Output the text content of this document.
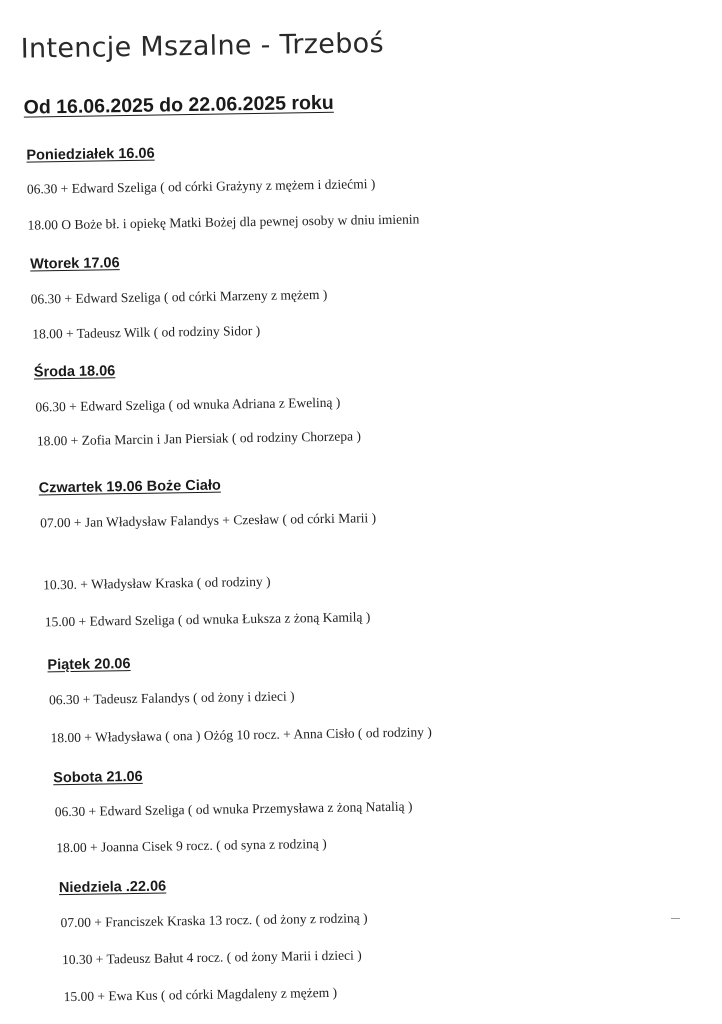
Intencje Mszalne - Trzeboś
Od 16.06.2025 do 22.06.2025 roku
Poniedziałek 16.06
06.30 + Edward Szeliga ( od córki Grażyny z mężem i dziećmi )
18.00 O Boże bł. i opiekę Matki Bożej dla pewnej osoby w dniu imienin
Wtorek 17.06
06.30 + Edward Szeliga ( od córki Marzeny z mężem )
18.00 + Tadeusz Wilk ( od rodziny Sidor )
Środa 18.06
06.30 + Edward Szeliga ( od wnuka Adriana z Eweliną )
18.00 + Zofia Marcin i Jan Piersiak ( od rodziny Chorzepa )
Czwartek 19.06 Boże Ciało
07.00 + Jan Władysław Falandys + Czesław ( od córki Marii )
10.30. + Władysław Kraska ( od rodziny )
15.00 + Edward Szeliga ( od wnuka Łuksza z żoną Kamilą )
Piątek 20.06
06.30 + Tadeusz Falandys ( od żony i dzieci )
18.00 + Władysława ( ona ) Ożóg 10 rocz. + Anna Cisło ( od rodziny )
Sobota 21.06
06.30 + Edward Szeliga ( od wnuka Przemysława z żoną Natalią )
18.00 + Joanna Cisek 9 rocz. ( od syna z rodziną )
Niedziela .22.06
07.00 + Franciszek Kraska 13 rocz. ( od żony z rodziną )
10.30 + Tadeusz Bałut 4 rocz. ( od żony Marii i dzieci )
15.00 + Ewa Kus ( od córki Magdaleny z mężem )
